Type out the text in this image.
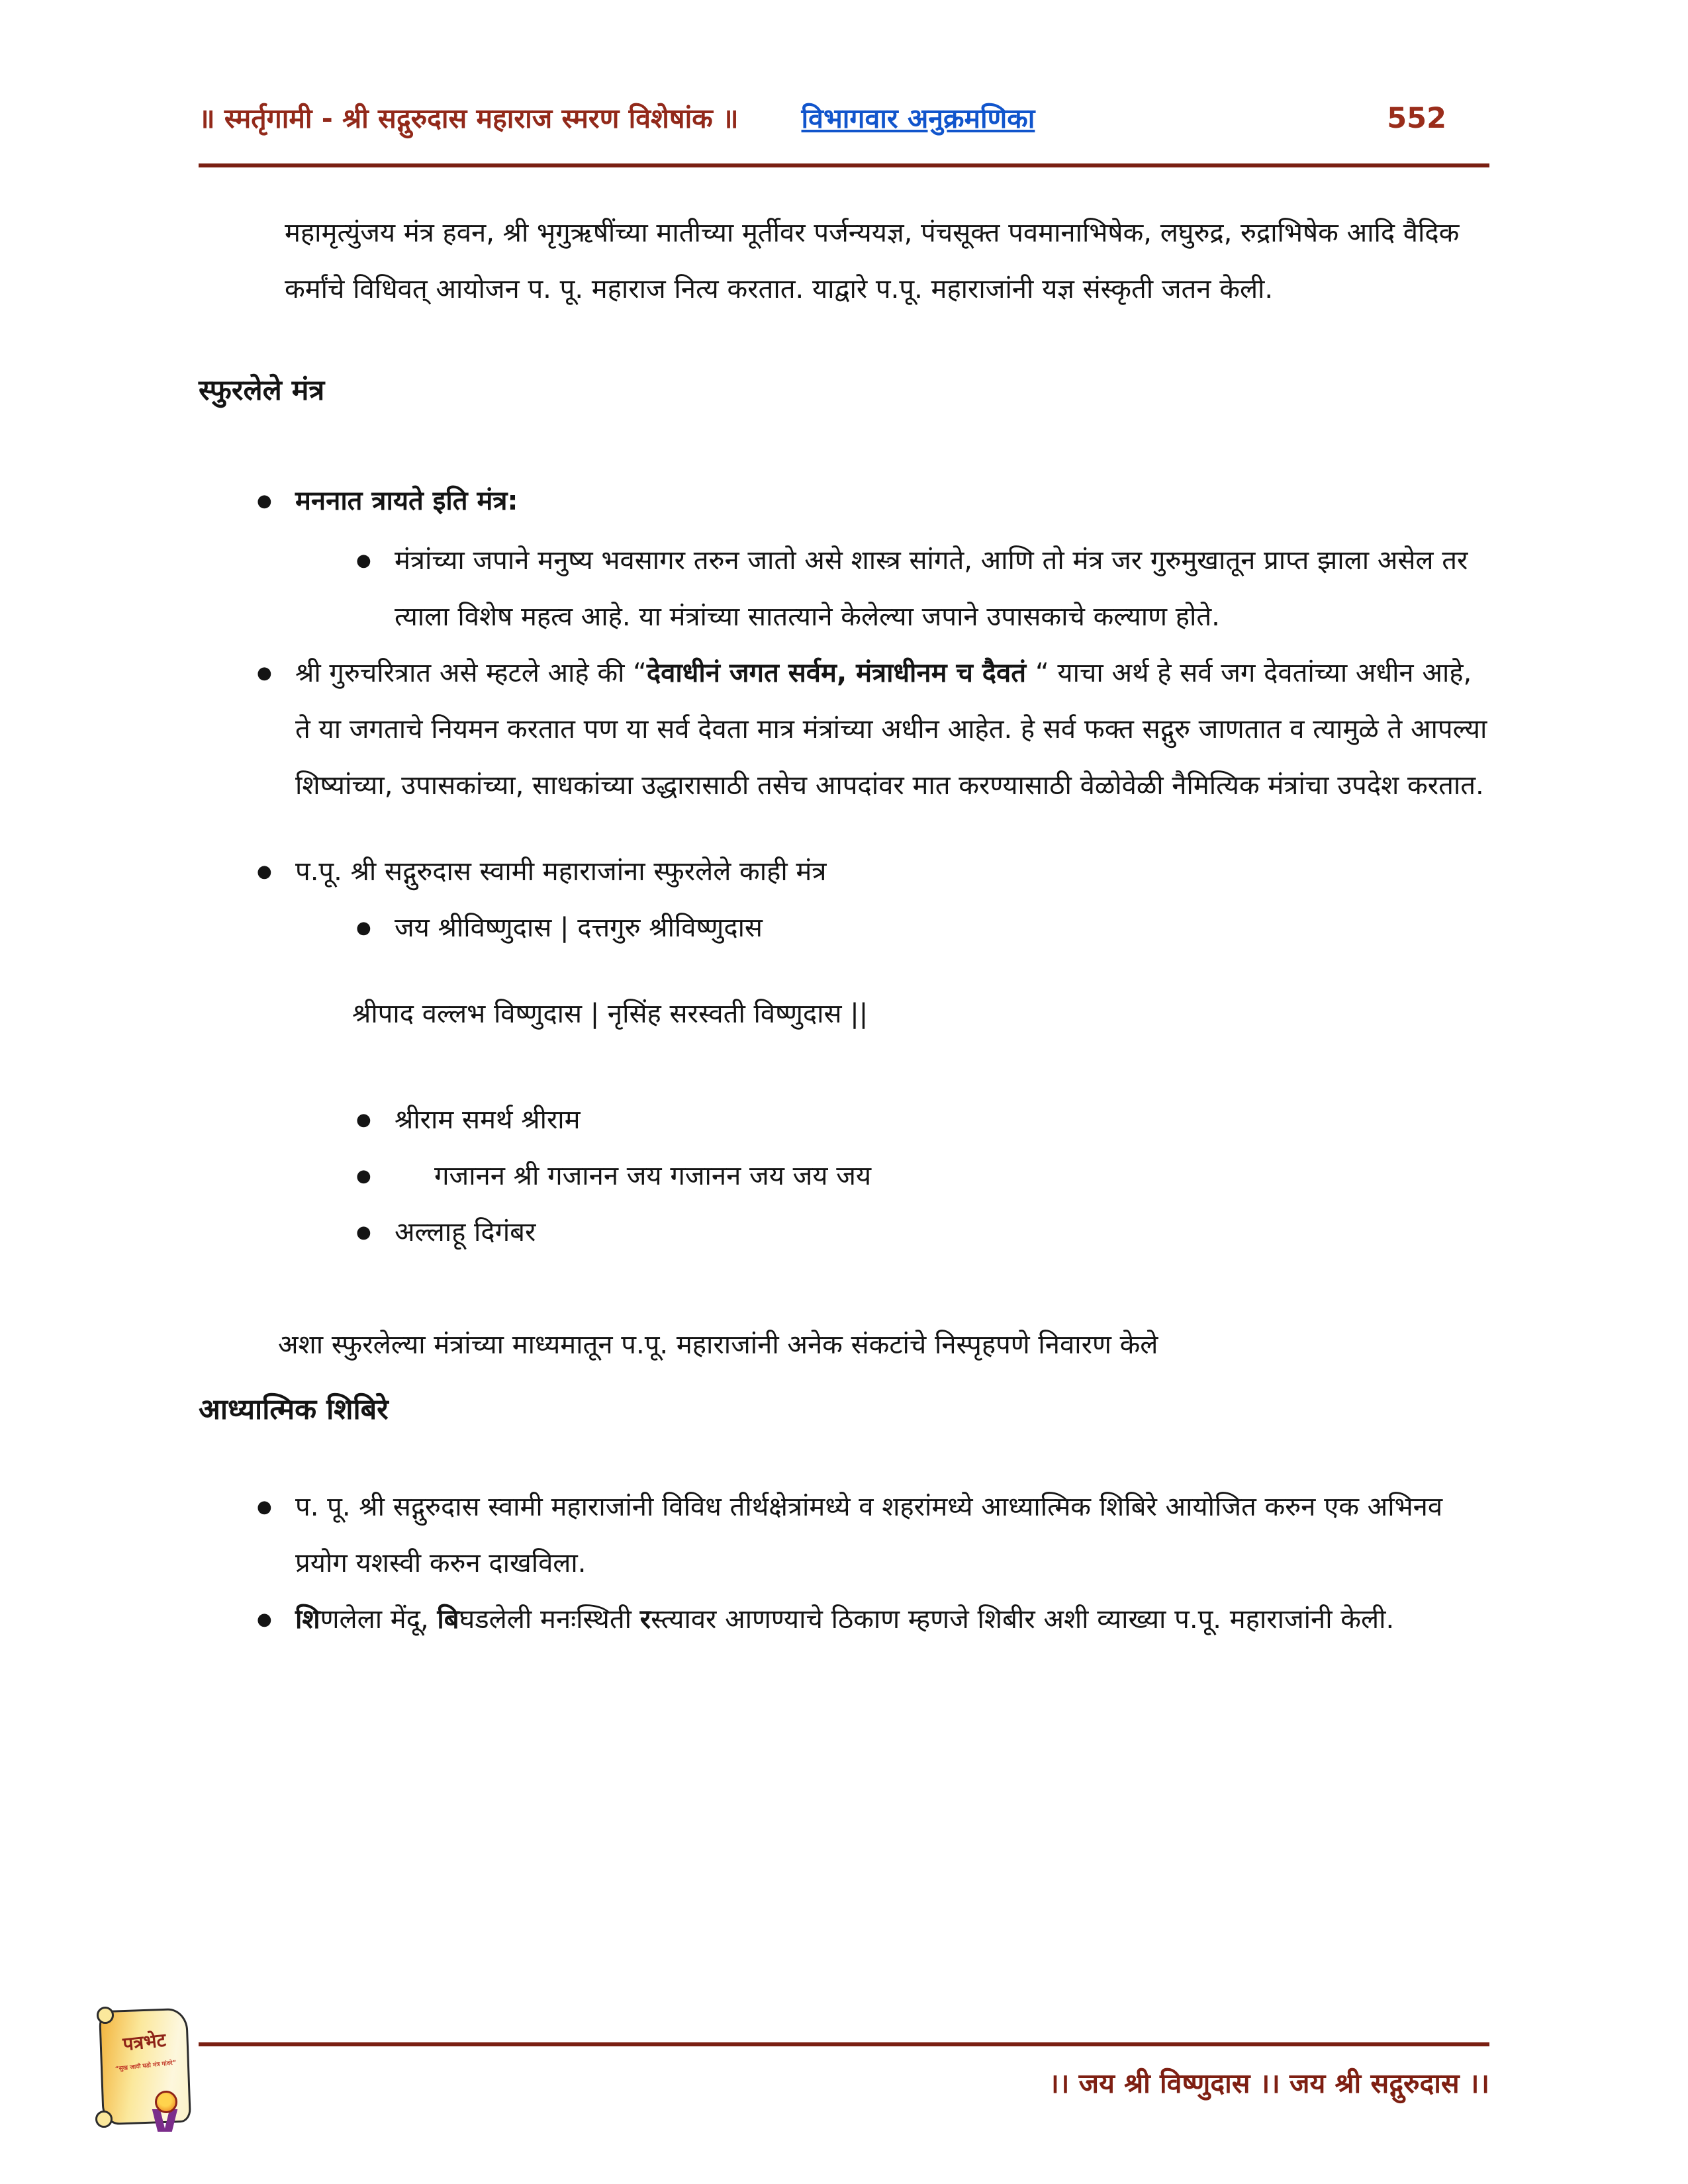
॥ स्मर्तृगामी - श्री सद्गुरुदास महाराज स्मरण विशेषांक ॥ विभागवार अनुक्रमणिका	552
महामृत्युंजय मंत्र हवन, श्री भृगुऋषींच्या मातीच्या मूर्तीवर पर्जन्ययज्ञ, पंचसूक्त पवमानाभिषेक, लघुरुद्र, रुद्राभिषेक आदि वैदिक कर्मांचे विधिवत् आयोजन प. पू. महाराज नित्य करतात. याद्वारे प.पू. महाराजांनी यज्ञ संस्कृती जतन केली.
स्फुरलेले मंत्र
● मननात त्रायते इति मंत्र:
● मंत्रांच्या जपाने मनुष्य भवसागर तरुन जातो असे शास्त्र सांगते, आणि तो मंत्र जर गुरुमुखातून प्राप्त झाला असेल तर त्याला विशेष महत्व आहे. या मंत्रांच्या सातत्याने केलेल्या जपाने उपासकाचे कल्याण होते.
● श्री गुरुचरित्रात असे म्हटले आहे की “देवाधीनं जगत सर्वम, मंत्राधीनम च दैवतं “ याचा अर्थ हे सर्व जग देवतांच्या अधीन आहे, ते या जगताचे नियमन करतात पण या सर्व देवता मात्र मंत्रांच्या अधीन आहेत. हे सर्व फक्त सद्गुरु जाणतात व त्यामुळे ते आपल्या शिष्यांच्या, उपासकांच्या, साधकांच्या उद्धारासाठी तसेच आपदांवर मात करण्यासाठी वेळोवेळी नैमित्यिक मंत्रांचा उपदेश करतात.
● प.पू. श्री सद्गुरुदास स्वामी महाराजांना स्फुरलेले काही मंत्र
● जय श्रीविष्णुदास | दत्तगुरु श्रीविष्णुदास
श्रीपाद वल्लभ विष्णुदास | नृसिंह सरस्वती विष्णुदास ||
● श्रीराम समर्थ श्रीराम
●	गजानन श्री गजानन जय गजानन जय जय जय
● अल्लाहू दिगंबर
अशा स्फुरलेल्या मंत्रांच्या माध्यमातून प.पू. महाराजांनी अनेक संकटांचे निस्पृहपणे निवारण केले
आध्यात्मिक शिबिरे
● प. पू. श्री सद्गुरुदास स्वामी महाराजांनी विविध तीर्थक्षेत्रांमध्ये व शहरांमध्ये आध्यात्मिक शिबिरे आयोजित करुन एक अभिनव प्रयोग यशस्वी करुन दाखविला.
● शिणलेला मेंदू, बिघडलेली मनःस्थिती रस्त्यावर आणण्याचे ठिकाण म्हणजे शिबीर अशी व्याख्या प.पू. महाराजांनी केली.
।। जय श्री विष्णुदास ।। जय श्री सद्गुरुदास ।।
पत्रभेट
“सुख जावो घडो मंत्र गांवरे”
